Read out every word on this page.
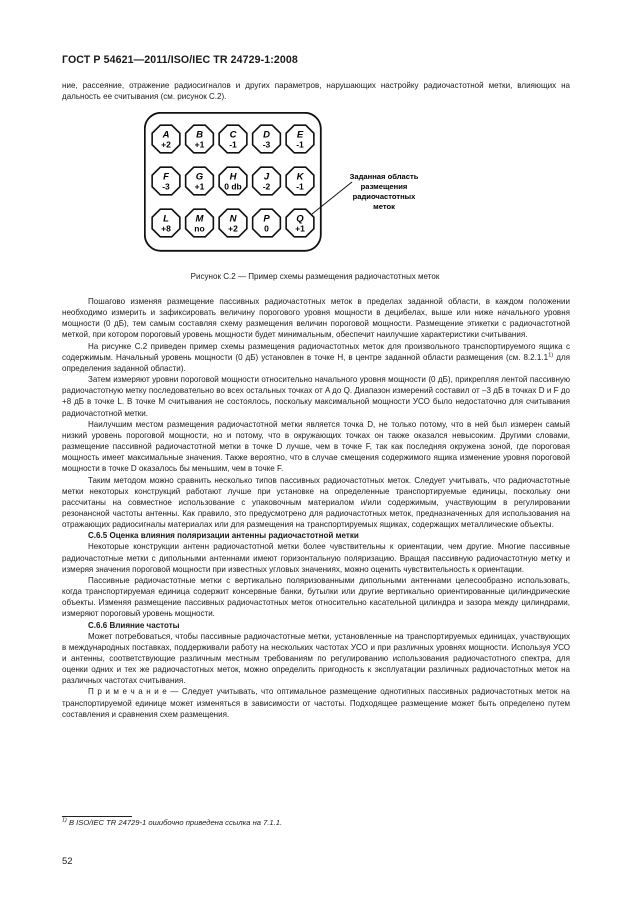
ГОСТ Р 54621—2011/ISO/IEC TR 24729-1:2008
ние, рассеяние, отражение радиосигналов и других параметров, нарушающих настройку радиочастотной метки, влияющих на дальность ее считывания (см. рисунок С.2).
A
+2
B
+1
C
-1
D
-3
E
-1
F
-3
G
+1
H
0 db
J
-2
K
-1
L
+8
M
no
N
+2
P
0
Q
+1
Заданная область
размещения
радиочастотных
меток
Рисунок С.2 — Пример схемы размещения радиочастотных меток

Пошагово изменяя размещение пассивных радиочастотных меток в пределах заданной области, в каждом положении необходимо измерить и зафиксировать величину порогового уровня мощности в децибелах, выше или ниже начального уровня мощности (0 дБ), тем самым составляя схему размещения величин пороговой мощности. Размещение этикетки с радиочастотной меткой, при котором пороговый уровень мощности будет минимальным, обеспечит наилучшие характеристики считывания.

На рисунке С.2 приведен пример схемы размещения радиочастотных меток для произвольного транспортируемого ящика с содержимым. Начальный уровень мощности (0 дБ) установлен в точке H, в центре заданной области размещения (см. 8.2.1.1$^{1)}$ для определения заданной области).

Затем измеряют уровни пороговой мощности относительно начального уровня мощности (0 дБ), прикрепляя лентой пассивную радиочастотную метку последовательно во всех остальных точках от A до Q. Диапазон измерений составил от –3 дБ в точках D и F до +8 дБ в точке L. В точке M считывания не состоялось, поскольку максимальной мощности УСО было недостаточно для считывания радиочастотной метки.

Наилучшим местом размещения радиочастотной метки является точка D, не только потому, что в ней был измерен самый низкий уровень пороговой мощности, но и потому, что в окружающих точках он также оказался невысоким. Другими словами, размещение пассивной радиочастотной метки в точке D лучше, чем в точке F, так как последняя окружена зоной, где пороговая мощность имеет максимальные значения. Также вероятно, что в случае смещения содержимого ящика изменение уровня пороговой мощности в точке D оказалось бы меньшим, чем в точке F.

Таким методом можно сравнить несколько типов пассивных радиочастотных меток. Следует учитывать, что радиочастотные метки некоторых конструкций работают лучше при установке на определенные транспортируемые единицы, поскольку они рассчитаны на совместное использование с упаковочным материалом и/или содержимым, участвующим в регулировании резонансной частоты антенны. Как правило, это предусмотрено для радиочастотных меток, предназначенных для использования на отражающих радиосигналы материалах или для размещения на транспортируемых ящиках, содержащих металлические объекты.

С.6.5 Оценка влияния поляризации антенны радиочастотной метки

Некоторые конструкции антенн радиочастотной метки более чувствительны к ориентации, чем другие. Многие пассивные радиочастотные метки с дипольными антеннами имеют горизонтальную поляризацию. Вращая пассивную радиочастотную метку и измеряя значения пороговой мощности при известных угловых значениях, можно оценить чувствительность к ориентации.

Пассивные радиочастотные метки с вертикально поляризованными дипольными антеннами целесообразно использовать, когда транспортируемая единица содержит консервные банки, бутылки или другие вертикально ориентированные цилиндрические объекты. Изменяя размещение пассивных радиочастотных меток относительно касательной цилиндра и зазора между цилиндрами, измеряют пороговый уровень мощности.

С.6.6 Влияние частоты

Может потребоваться, чтобы пассивные радиочастотные метки, установленные на транспортируемых единицах, участвующих в международных поставках, поддерживали работу на нескольких частотах УСО и при различных уровнях мощности. Используя УСО и антенны, соответствующие различным местным требованиям по регулированию использования радиочастотного спектра, для оценки одних и тех же радиочастотных меток, можно определить пригодность к эксплуатации различных радиочастотных меток на различных частотах считывания.

П р и м е ч а н и е — Следует учитывать, что оптимальное размещение однотипных пассивных радиочастотных меток на транспортируемой единице может изменяться в зависимости от частоты. Подходящее размещение может быть определено путем составления и сравнения схем размещения.

$^{1)}$ В ISO/IEC TR 24729-1 ошибочно приведена ссылка на 7.1.1.
52
